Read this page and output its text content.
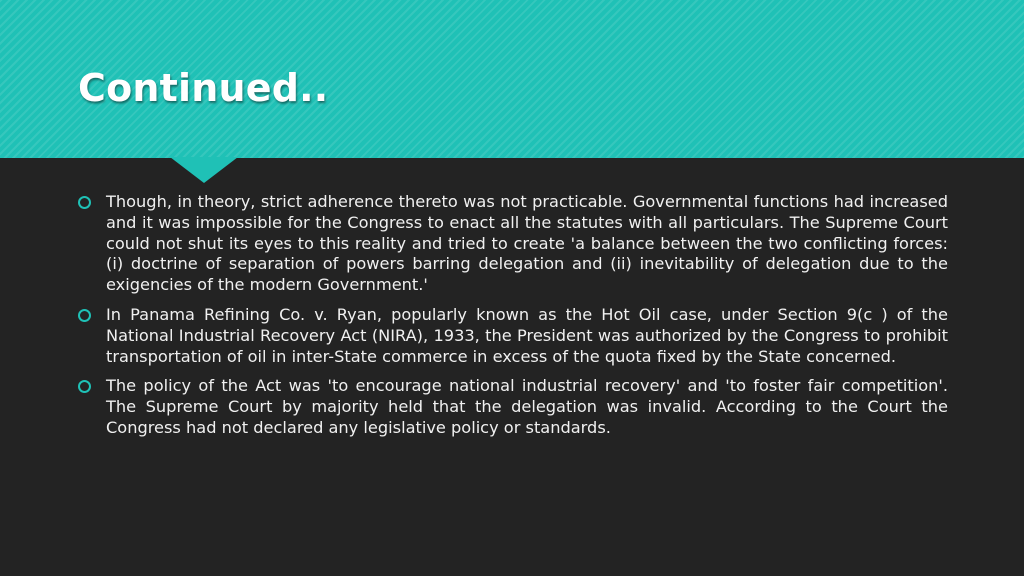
Continued..
Though, in theory, strict adherence thereto was not practicable. Governmental functions had increased and it was impossible for the Congress to enact all the statutes with all particulars. The Supreme Court could not shut its eyes to this reality and tried to create 'a balance between the two conflicting forces: (i) doctrine of separation of powers barring delegation and (ii) inevitability of delegation due to the exigencies of the modern Government.'
In Panama Refining Co. v. Ryan, popularly known as the Hot Oil case, under Section 9(c ) of the National Industrial Recovery Act (NIRA), 1933, the President was authorized by the Congress to prohibit transportation of oil in inter-State commerce in excess of the quota fixed by the State concerned.
The policy of the Act was 'to encourage national industrial recovery' and 'to foster fair competition'. The Supreme Court by majority held that the delegation was invalid. According to the Court the Congress had not declared any legislative policy or standards.
